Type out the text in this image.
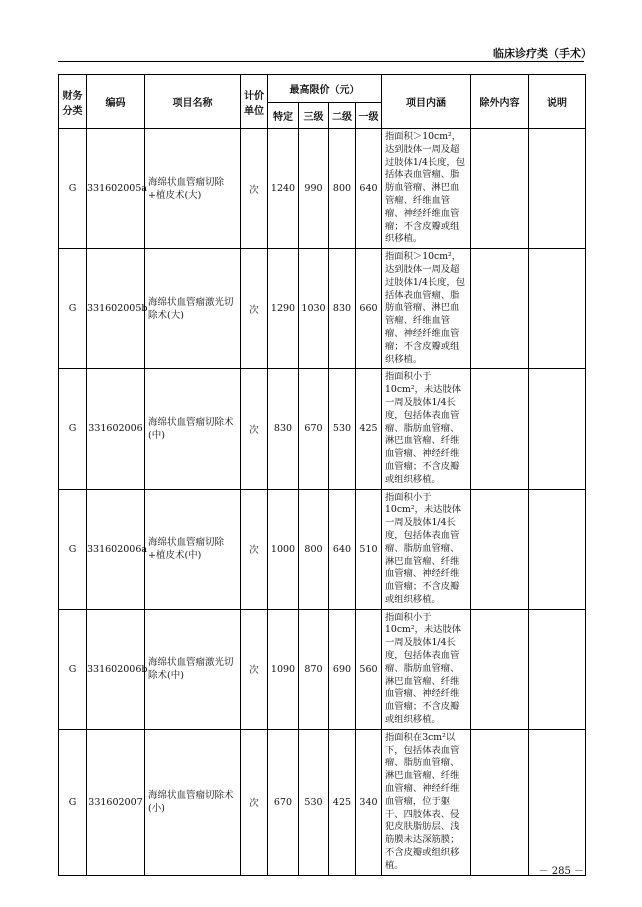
临床诊疗类（手术）
财务分类	编码	项目名称	计价单位	最高限价（元）				项目内涵	除外内容	说明
				特定	三级	二级	一级			
G	331602005a	海绵状血管瘤切除+植皮术(大)	次	1240	990	800	640	指面积＞10cm²，达到肢体一周及超过肢体1/4长度，包括体表血管瘤、脂肪血管瘤、淋巴血管瘤、纤维血管瘤、神经纤维血管瘤；不含皮瓣或组织移植。		
G	331602005b	海绵状血管瘤激光切除术(大)	次	1290	1030	830	660	指面积＞10cm²，达到肢体一周及超过肢体1/4长度，包括体表血管瘤、脂肪血管瘤、淋巴血管瘤、纤维血管瘤、神经纤维血管瘤；不含皮瓣或组织移植。		
G	331602006	海绵状血管瘤切除术(中)	次	830	670	530	425	指面积小于10cm²，未达肢体一周及肢体1/4长度，包括体表血管瘤、脂肪血管瘤、淋巴血管瘤、纤维血管瘤、神经纤维血管瘤；不含皮瓣或组织移植。		
G	331602006a	海绵状血管瘤切除+植皮术(中)	次	1000	800	640	510	指面积小于10cm²，未达肢体一周及肢体1/4长度，包括体表血管瘤、脂肪血管瘤、淋巴血管瘤、纤维血管瘤、神经纤维血管瘤；不含皮瓣或组织移植。		
G	331602006b	海绵状血管瘤激光切除术(中)	次	1090	870	690	560	指面积小于10cm²，未达肢体一周及肢体1/4长度，包括体表血管瘤、脂肪血管瘤、淋巴血管瘤、纤维血管瘤、神经纤维血管瘤；不含皮瓣或组织移植。		
G	331602007	海绵状血管瘤切除术(小)	次	670	530	425	340	指面积在3cm²以下，包括体表血管瘤、脂肪血管瘤、淋巴血管瘤、纤维血管瘤、神经纤维血管瘤，位于躯干、四肢体表、侵犯皮肤脂肪层、浅筋膜未达深筋膜；不含皮瓣或组织移植。		
－ 285 －
